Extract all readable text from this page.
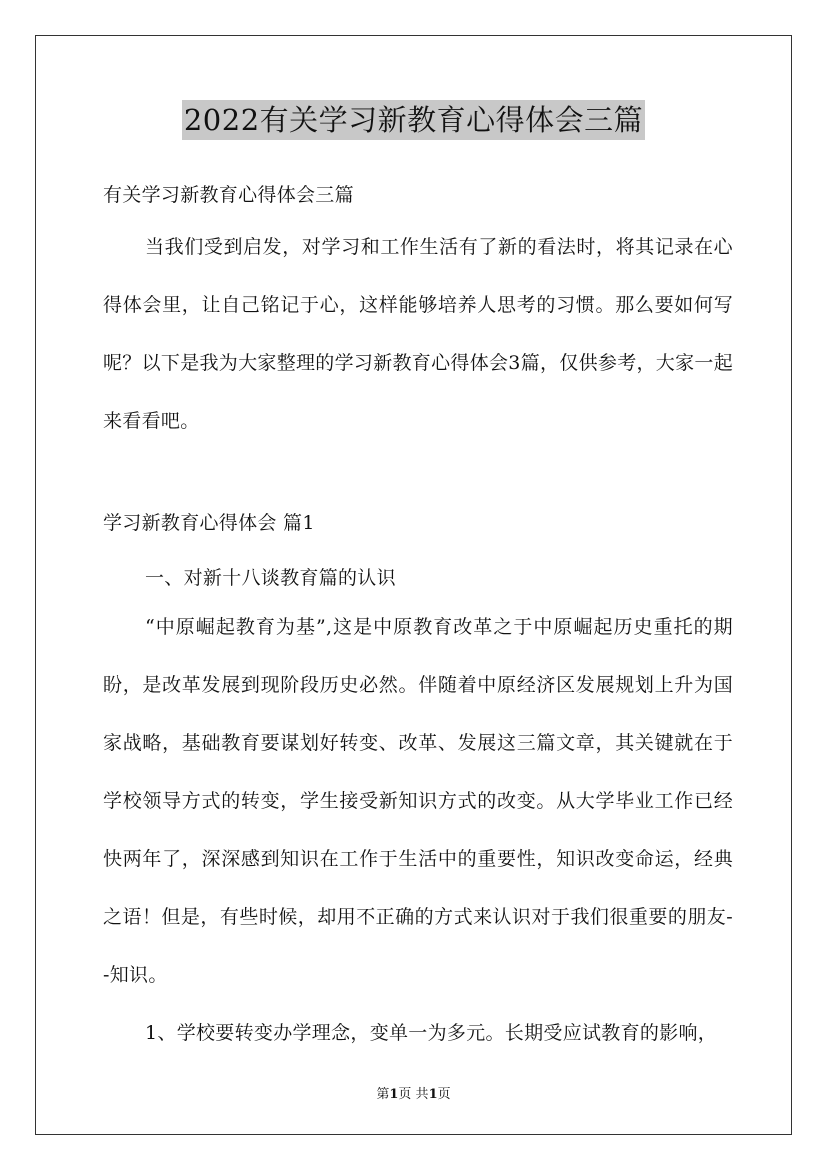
2022有关学习新教育心得体会三篇
有关学习新教育心得体会三篇
当我们受到启发，对学习和工作生活有了新的看法时，将其记录在心得体会里，让自己铭记于心，这样能够培养人思考的习惯。那么要如何写呢？以下是我为大家整理的学习新教育心得体会3篇，仅供参考，大家一起来看看吧。
学习新教育心得体会 篇1
一、对新十八谈教育篇的认识
“中原崛起教育为基”,这是中原教育改革之于中原崛起历史重托的期盼，是改革发展到现阶段历史必然。伴随着中原经济区发展规划上升为国家战略，基础教育要谋划好转变、改革、发展这三篇文章，其关键就在于学校领导方式的转变，学生接受新知识方式的改变。从大学毕业工作已经快两年了，深深感到知识在工作于生活中的重要性，知识改变命运，经典之语！但是，有些时候，却用不正确的方式来认识对于我们很重要的朋友--知识。
1、学校要转变办学理念，变单一为多元。长期受应试教育的影响，
第1页 共1页
